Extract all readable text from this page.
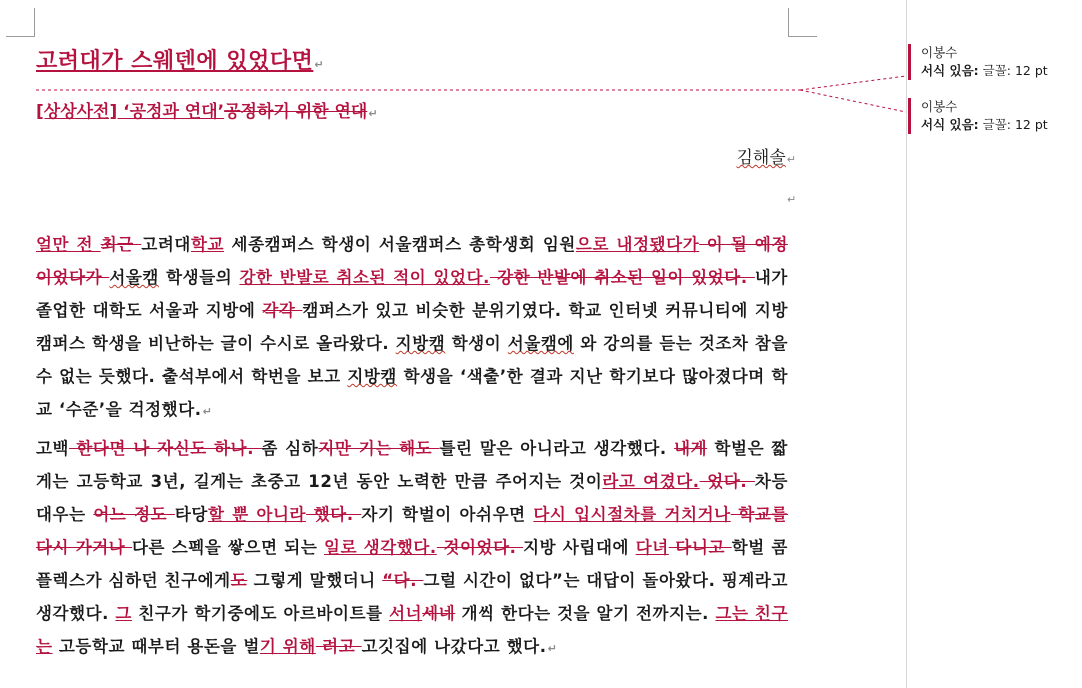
고려대가 스웨덴에 있었다면↵
[상상사전] ‘공정과 연대’공정하기 위한 연대↵
김해솔↵
↵
얼만 전 최근 고려대학교 세종캠퍼스 학생이 서울캠퍼스 총학생회 임원으로 내정됐다가 이 될 예정이었다가 서울캠 학생들의 강한 반발로 취소된 적이 있었다. 강한 반발에 취소된 일이 있었다. 내가 졸업한 대학도 서울과 지방에 각각 캠퍼스가 있고 비슷한 분위기였다. 학교 인터넷 커뮤니티에 지방캠퍼스 학생을 비난하는 글이 수시로 올라왔다. 지방캠 학생이 서울캠에 와 강의를 듣는 것조차 참을 수 없는 듯했다. 출석부에서 학번을 보고 지방캠 학생을 ‘색출’한 결과 지난 학기보다 많아졌다며 학교 ‘수준’을 걱정했다.↵
고백 한다면 나 자신도 하나. 좀 심하지만 기는 해도 틀린 말은 아니라고 생각했다. 내게 학벌은 짧게는 고등학교 3년, 길게는 초중고 12년 동안 노력한 만큼 주어지는 것이라고 여겼다. 었다. 차등 대우는 어느 정도 타당할 뿐 아니라 했다. 자기 학벌이 아쉬우면 다시 입시절차를 거치거나 학교를 다시 가거나 다른 스펙을 쌓으면 되는 일로 생각했다. 것이었다. 지방 사립대에 다녀 다니고 학벌 콤플렉스가 심하던 친구에게도 그렇게 말했더니 “다. 그럴 시간이 없다”는 대답이 돌아왔다. 핑계라고 생각했다. 그 친구가 학기중에도 아르바이트를 서너세네 개씩 한다는 것을 알기 전까지는. 그는 친구는 고등학교 때부터 용돈을 벌기 위해 려고 고깃집에 나갔다고 했다.↵
이봉수
서식 있음: 글꼴: 12 pt
이봉수
서식 있음: 글꼴: 12 pt
